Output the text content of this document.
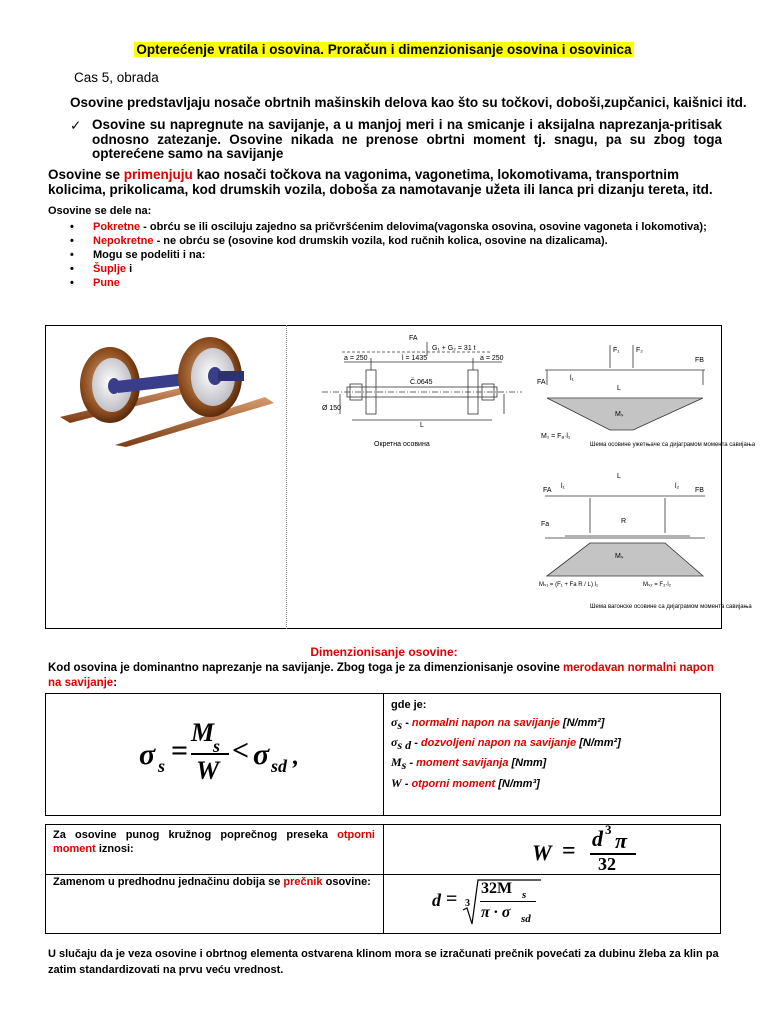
Opterećenje vratila i osovina. Proračun i dimenzionisanje osovina i osovinica
Cas 5, obrada
Osovine predstavljaju nosače obrtnih mašinskih delova kao što su točkovi, doboši,zupčanici, kaišnici itd.
✓ Osovine su napregnute na savijanje, a u manjoj meri i na smicanje i aksijalna naprezanja-pritisak odnosno zatezanje. Osovine nikada ne prenose obrtni moment tj. snagu, pa su zbog toga opterećene samo na savijanje
Osovine se primenjuju kao nosači točkova na vagonima, vagonetima, lokomotivama, transportnim kolicima, prikolicama, kod drumskih vozila, doboša za namotavanje užeta ili lanca pri dizanju tereta, itd.
Osovine se dele na:
• Pokretne - obrću se ili osciluju zajedno sa pričvršćenim delovima(vagonska osovina, osovine vagoneta i lokomotiva);
• Nepokretne - ne obrću se (osovine kod drumskih vozila, kod ručnih kolica, osovine na dizalicama).
• Mogu se podeliti i na:
• Šuplje i
• Pune
FA
G₁ + G₂ = 31 t
a = 250	l = 1435	a = 250
Č.0645
Ø 150
L
Окретна осовина
FA
FB
F₁ F₂
l₁
L
Mₛ
M₁ = Fₐ·l₁
Шема осовине ужетњаче са дијаграмом момента савијања
FA	FB
L
l₁	l₂
Fa	R
Mₛ
Mₛ₁ = (F₁ + Fa R / L) l₁	Mₛ₂ = F₂·l₂
Шема вагонске осовине са дијаграмом момента савијања
Dimenzionisanje osovine:
Kod osovina je dominantno naprezanje na savijanje. Zbog toga je za dimenzionisanje osovine merodavan normalni napon na savijanje:
σ s =
M
s
W
< σ sd ,
gde je:
$\sigma_s$ - normalni napon na savijanje [N/mm²]
$\sigma_{s d}$ - dozvoljeni napon na savijanje [N/mm²]
$M_s$ - moment savijanja [Nmm]
W - otporni moment [N/mm³]
Za osovine punog kružnog poprečnog preseka otporni moment iznosi:
Zamenom u predhodnu jednačinu dobija se prečnik osovine:
W = d 3 π
32
d = 3
32M s
π · σ sd
U slučaju da je veza osovine i obrtnog elementa ostvarena klinom mora se izračunati prečnik povećati za dubinu žleba za klin pa zatim standardizovati na prvu veću vrednost.
